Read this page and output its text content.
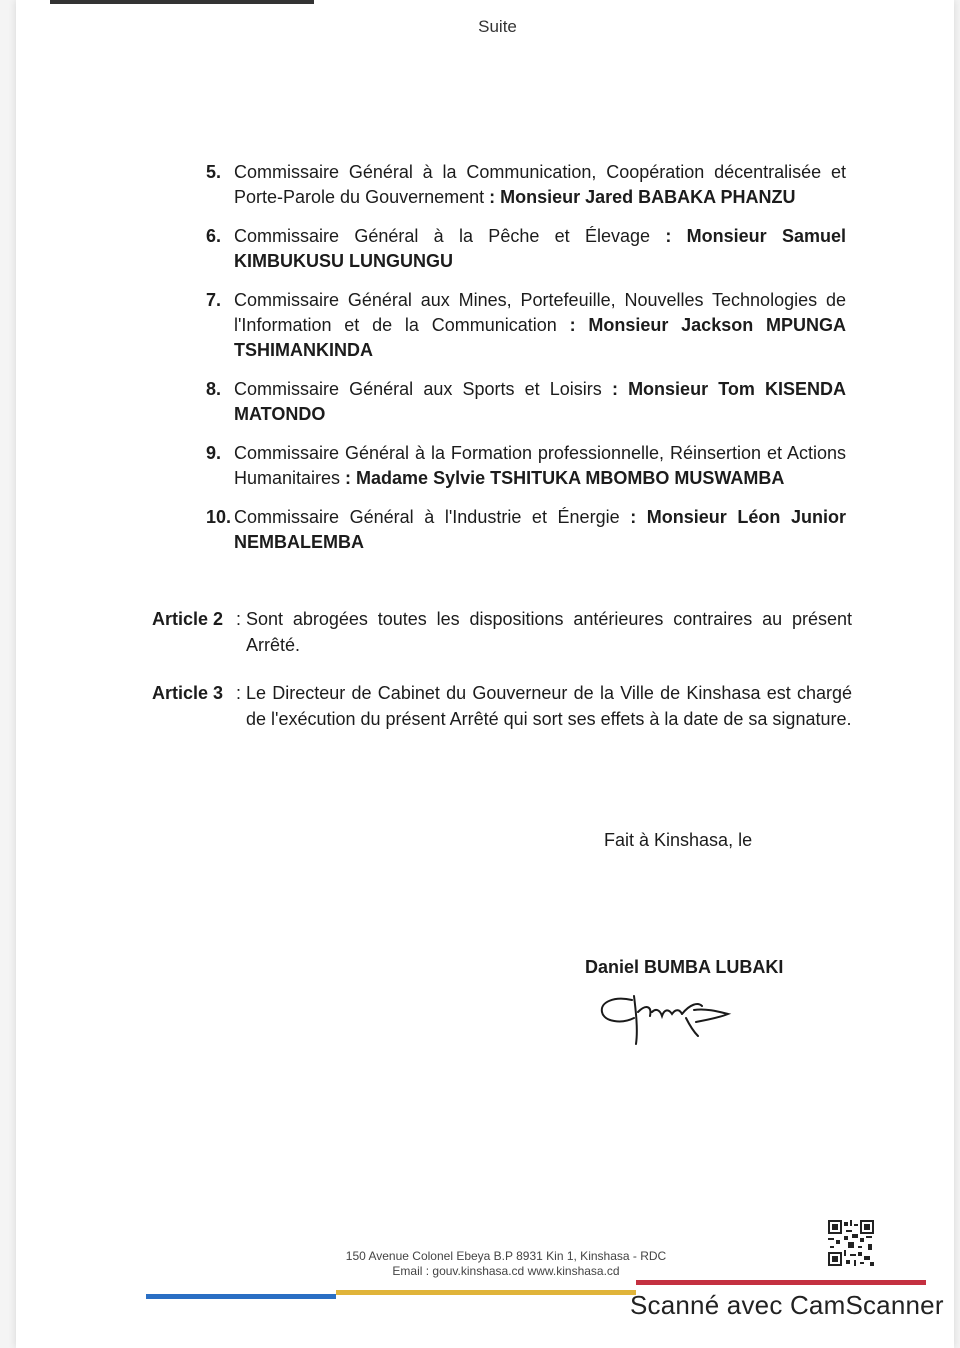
Suite
5. Commissaire Général à la Communication, Coopération décentralisée et Porte-Parole du Gouvernement : Monsieur Jared BABAKA PHANZU
6. Commissaire Général à la Pêche et Élevage : Monsieur Samuel KIMBUKUSU LUNGUNGU
7. Commissaire Général aux Mines, Portefeuille, Nouvelles Technologies de l'Information et de la Communication : Monsieur Jackson MPUNGA TSHIMANKINDA
8. Commissaire Général aux Sports et Loisirs : Monsieur Tom KISENDA MATONDO
9. Commissaire Général à la Formation professionnelle, Réinsertion et Actions Humanitaires : Madame Sylvie TSHITUKA MBOMBO MUSWAMBA
10. Commissaire Général à l'Industrie et Énergie : Monsieur Léon Junior NEMBALEMBA
Article 2 : Sont abrogées toutes les dispositions antérieures contraires au présent Arrêté.
Article 3 : Le Directeur de Cabinet du Gouverneur de la Ville de Kinshasa est chargé de l'exécution du présent Arrêté qui sort ses effets à la date de sa signature.
Fait à Kinshasa, le
Daniel BUMBA LUBAKI
150 Avenue Colonel Ebeya B.P 8931 Kin 1, Kinshasa - RDC
Email : gouv.kinshasa.cd www.kinshasa.cd
Scanné avec CamScanner
